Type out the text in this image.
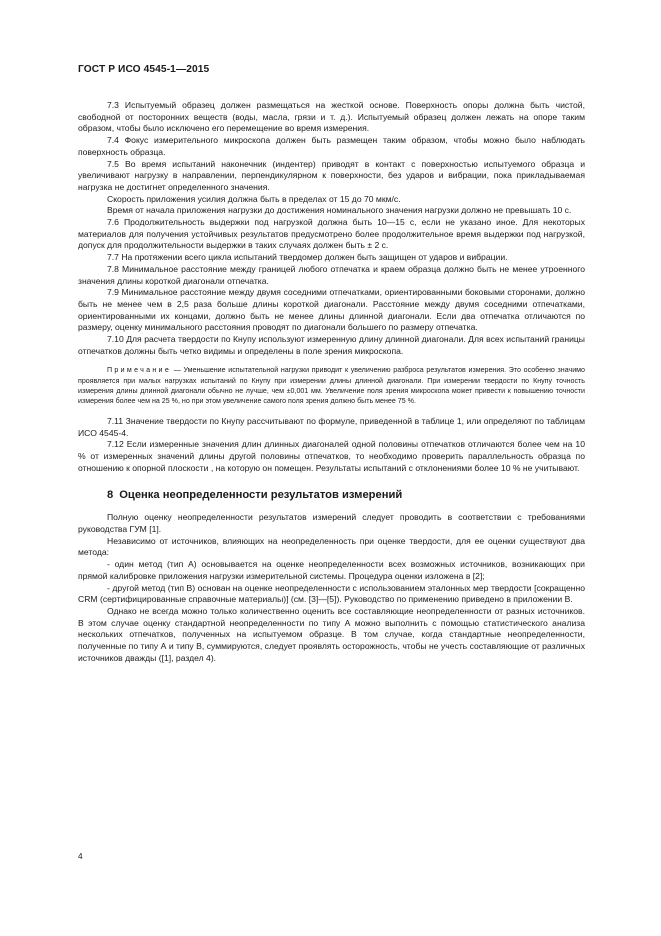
ГОСТ Р ИСО 4545-1—2015

7.3 Испытуемый образец должен размещаться на жесткой основе. Поверхность опоры должна быть чистой, свободной от посторонних веществ (воды, масла, грязи и т. д.). Испытуемый образец должен лежать на опоре таким образом, чтобы было исключено его перемещение во время измерения.

7.4 Фокус измерительного микроскопа должен быть размещен таким образом, чтобы можно было наблюдать поверхность образца.

7.5 Во время испытаний наконечник (индентер) приводят в контакт с поверхностью испытуемого образца и увеличивают нагрузку в направлении, перпендикулярном к поверхности, без ударов и вибрации, пока прикладываемая нагрузка не достигнет определенного значения.

Скорость приложения усилия должна быть в пределах от 15 до 70 мкм/с.

Время от начала приложения нагрузки до достижения номинального значения нагрузки должно не превышать 10 с.

7.6 Продолжительность выдержки под нагрузкой должна быть 10—15 с, если не указано иное. Для некоторых материалов для получения устойчивых результатов предусмотрено более продолжительное время выдержки под нагрузкой, допуск для продолжительности выдержки в таких случаях должен быть ± 2 с.

7.7 На протяжении всего цикла испытаний твердомер должен быть защищен от ударов и вибрации.

7.8 Минимальное расстояние между границей любого отпечатка и краем образца должно быть не менее утроенного значения длины короткой диагонали отпечатка.

7.9 Минимальное расстояние между двумя соседними отпечатками, ориентированными боковыми сторонами, должно быть не менее чем в 2,5 раза больше длины короткой диагонали. Расстояние между двумя соседними отпечатками, ориентированными их концами, должно быть не менее длины длинной диагонали. Если два отпечатка отличаются по размеру, оценку минимального расстояния проводят по диагонали большего по размеру отпечатка.

7.10 Для расчета твердости по Кнупу используют измеренную длину длинной диагонали. Для всех испытаний границы отпечатков должны быть четко видимы и определены в поле зрения микроскопа.

Примечание — Уменьшение испытательной нагрузки приводит к увеличению разброса результатов измерения. Это особенно значимо проявляется при малых нагрузках испытаний по Кнупу при измерении длины длинной диагонали. При измерении твердости по Кнупу точность измерения длины длинной диагонали обычно не лучше, чем ±0,001 мм. Увеличение поля зрения микроскопа может привести к повышению точности измерения более чем на 25 %, но при этом увеличение самого поля зрения должно быть менее 75 %.

7.11 Значение твердости по Кнупу рассчитывают по формуле, приведенной в таблице 1, или определяют по таблицам ИСО 4545-4.

7.12 Если измеренные значения длин длинных диагоналей одной половины отпечатков отличаются более чем на 10 % от измеренных значений длины другой половины отпечатков, то необходимо проверить параллельность образца по отношению к опорной плоскости , на которую он помещен. Результаты испытаний с отклонениями более 10 % не учитывают.

8 Оценка неопределенности результатов измерений

Полную оценку неопределенности результатов измерений следует проводить в соответствии с требованиями руководства ГУМ [1].

Независимо от источников, влияющих на неопределенность при оценке твердости, для ее оценки существуют два метода:

- один метод (тип А) основывается на оценке неопределенности всех возможных источников, возникающих при прямой калибровке приложения нагрузки измерительной системы. Процедура оценки изложена в [2];

- другой метод (тип В) основан на оценке неопределенности с использованием эталонных мер твердости [сокращенно CRM (сертифицированные справочные материалы)] (см. [3]—[5]). Руководство по применению приведено в приложении В.

Однако не всегда можно только количественно оценить все составляющие неопределенности от разных источников. В этом случае оценку стандартной неопределенности по типу А можно выполнить с помощью статистического анализа нескольких отпечатков, полученных на испытуемом образце. В том случае, когда стандартные неопределенности, полученные по типу А и типу В, суммируются, следует проявлять осторожность, чтобы не учесть составляющие от различных источников дважды ([1], раздел 4).

4
